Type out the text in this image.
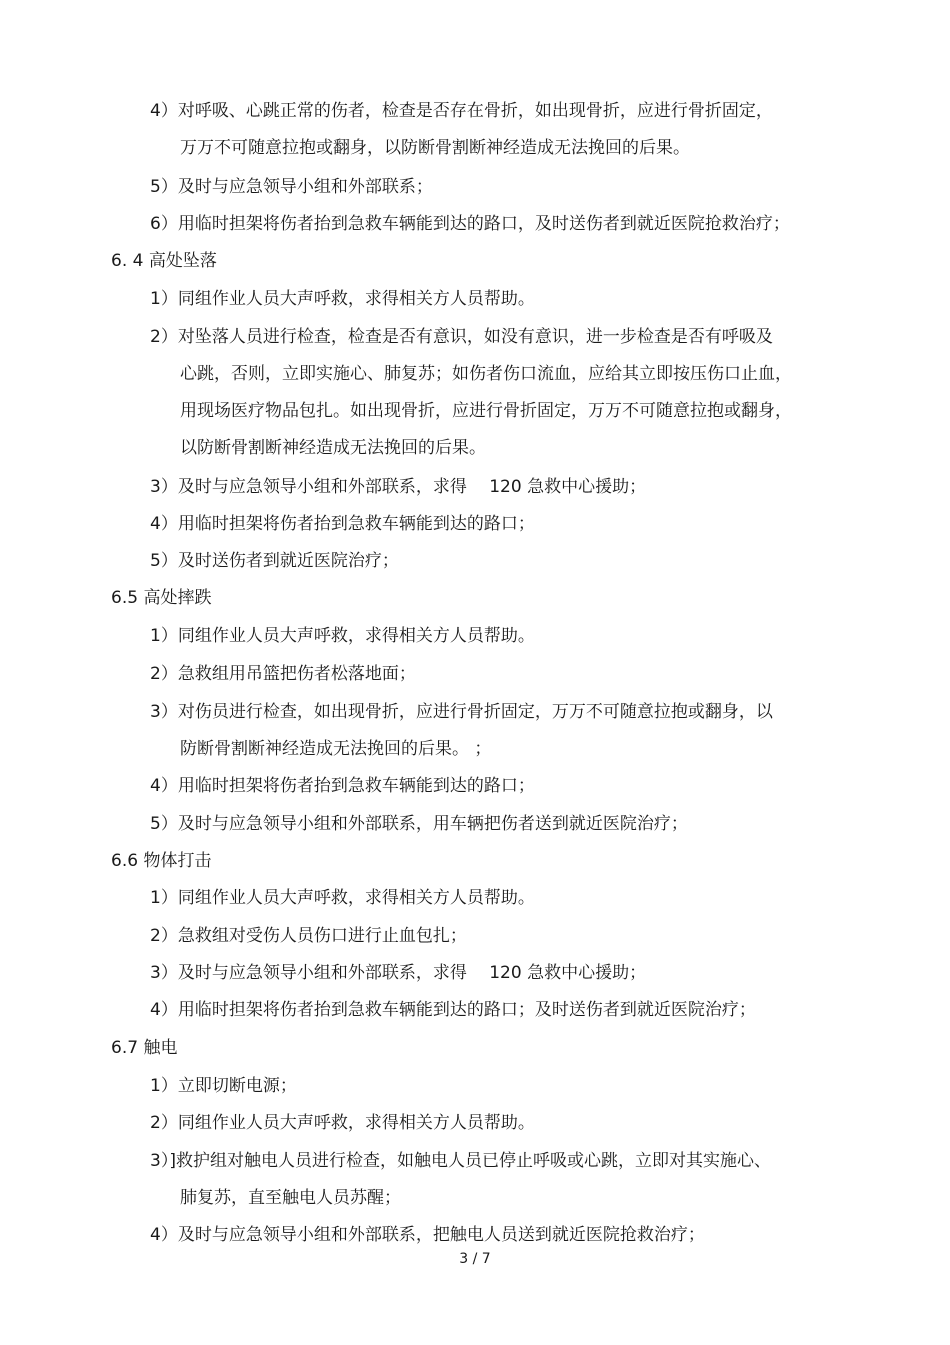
4）对呼吸、心跳正常的伤者，检查是否存在骨折，如出现骨折，应进行骨折固定，
万万不可随意拉抱或翻身，以防断骨割断神经造成无法挽回的后果。
5）及时与应急领导小组和外部联系；
6）用临时担架将伤者抬到急救车辆能到达的路口，及时送伤者到就近医院抢救治疗；
6. 4 高处坠落
1）同组作业人员大声呼救，求得相关方人员帮助。
2）对坠落人员进行检查，检查是否有意识，如没有意识，进一步检查是否有呼吸及
心跳，否则，立即实施心、肺复苏；如伤者伤口流血，应给其立即按压伤口止血，
用现场医疗物品包扎。如出现骨折，应进行骨折固定，万万不可随意拉抱或翻身，
以防断骨割断神经造成无法挽回的后果。
3）及时与应急领导小组和外部联系，求得　 120 急救中心援助；
4）用临时担架将伤者抬到急救车辆能到达的路口；
5）及时送伤者到就近医院治疗；
6.5 高处摔跌
1）同组作业人员大声呼救，求得相关方人员帮助。
2）急救组用吊篮把伤者松落地面；
3）对伤员进行检查，如出现骨折，应进行骨折固定，万万不可随意拉抱或翻身，以
防断骨割断神经造成无法挽回的后果。 ；
4）用临时担架将伤者抬到急救车辆能到达的路口；
5）及时与应急领导小组和外部联系，用车辆把伤者送到就近医院治疗；
6.6 物体打击
1）同组作业人员大声呼救，求得相关方人员帮助。
2）急救组对受伤人员伤口进行止血包扎；
3）及时与应急领导小组和外部联系，求得　 120 急救中心援助；
4）用临时担架将伤者抬到急救车辆能到达的路口；及时送伤者到就近医院治疗；
6.7 触电
1）立即切断电源；
2）同组作业人员大声呼救，求得相关方人员帮助。
3）]救护组对触电人员进行检查，如触电人员已停止呼吸或心跳，立即对其实施心、
肺复苏，直至触电人员苏醒；
4）及时与应急领导小组和外部联系，把触电人员送到就近医院抢救治疗；
3 / 7
